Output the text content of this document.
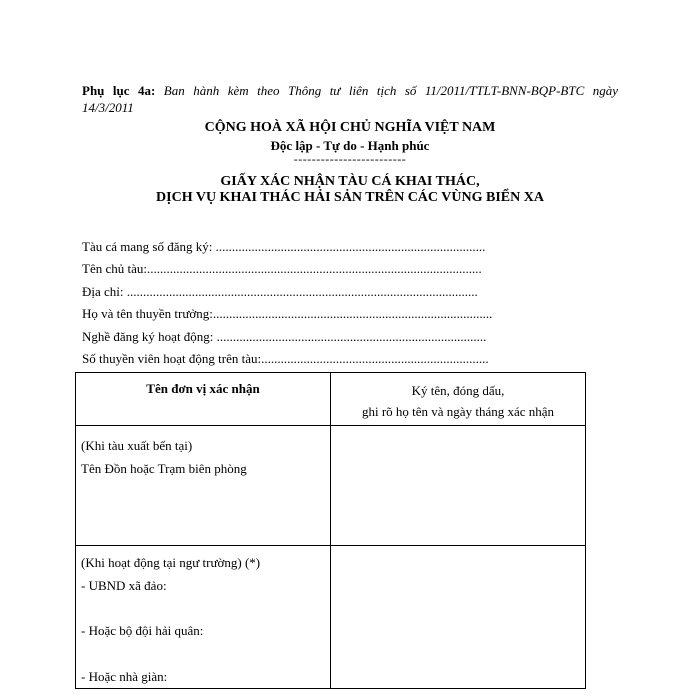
Phụ lục 4a: Ban hành kèm theo Thông tư liên tịch số 11/2011/TTLT-BNN-BQP-BTC ngày
14/3/2011
CỘNG HOÀ XÃ HỘI CHỦ NGHĨA VIỆT NAM
Độc lập - Tự do - Hạnh phúc
-------------------------
GIẤY XÁC NHẬN TÀU CÁ KHAI THÁC,
DỊCH VỤ KHAI THÁC HẢI SẢN TRÊN CÁC VÙNG BIỂN XA
Tàu cá mang số đăng ký: ...................................................................................
Tên chủ tàu:.......................................................................................................
Địa chỉ: ............................................................................................................
Họ và tên thuyền trưởng:......................................................................................
Nghề đăng ký hoạt động: ...................................................................................
Số thuyền viên hoạt động trên tàu:......................................................................
Tên đơn vị xác nhận	Ký tên, đóng dấu,
ghi rõ họ tên và ngày tháng xác nhận

(Khi tàu xuất bến tại)
Tên Đồn hoặc Trạm biên phòng	

(Khi hoạt động tại ngư trường) (*)
- UBND xã đảo:
- Hoặc bộ đội hải quân:
- Hoặc nhà giàn:	
